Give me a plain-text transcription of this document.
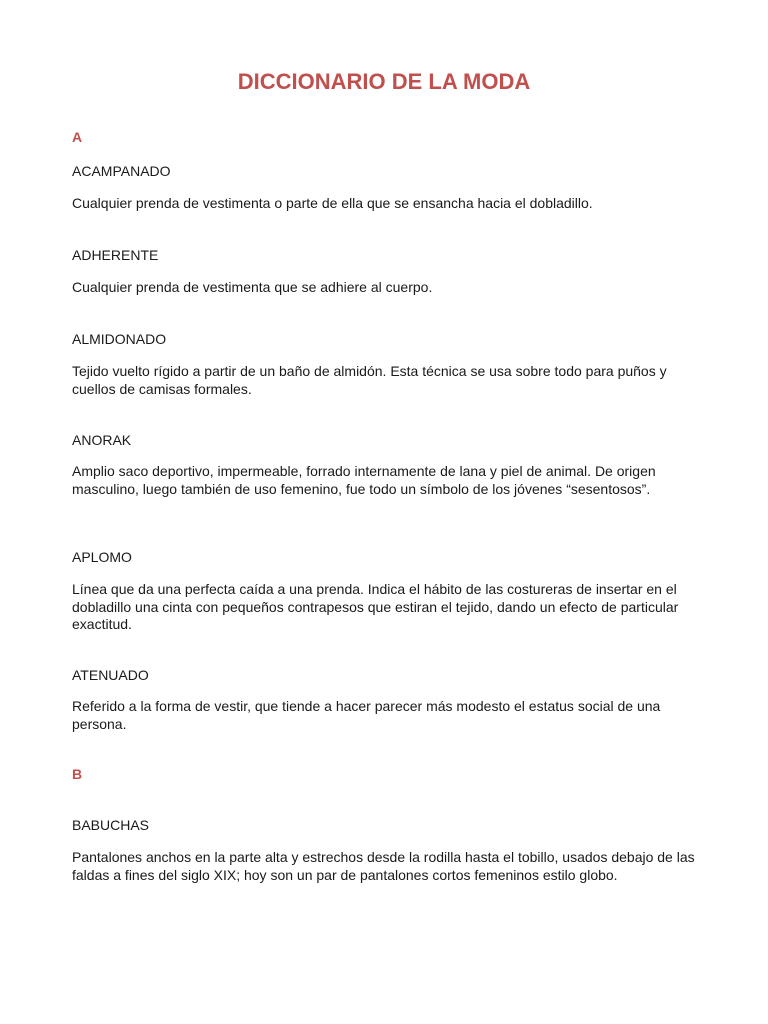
DICCIONARIO DE LA MODA
A
ACAMPANADO
Cualquier prenda de vestimenta o parte de ella que se ensancha hacia el dobladillo.
ADHERENTE
Cualquier prenda de vestimenta que se adhiere al cuerpo.
ALMIDONADO
Tejido vuelto rígido a partir de un baño de almidón. Esta técnica se usa sobre todo para puños y cuellos de camisas formales.
ANORAK
Amplio saco deportivo, impermeable, forrado internamente de lana y piel de animal. De origen masculino, luego también de uso femenino, fue todo un símbolo de los jóvenes “sesentosos”.
APLOMO
Línea que da una perfecta caída a una prenda. Indica el hábito de las costureras de insertar en el dobladillo una cinta con pequeños contrapesos que estiran el tejido, dando un efecto de particular exactitud.
ATENUADO
Referido a la forma de vestir, que tiende a hacer parecer más modesto el estatus social de una persona.
B
BABUCHAS
Pantalones anchos en la parte alta y estrechos desde la rodilla hasta el tobillo, usados debajo de las faldas a fines del siglo XIX; hoy son un par de pantalones cortos femeninos estilo globo.
